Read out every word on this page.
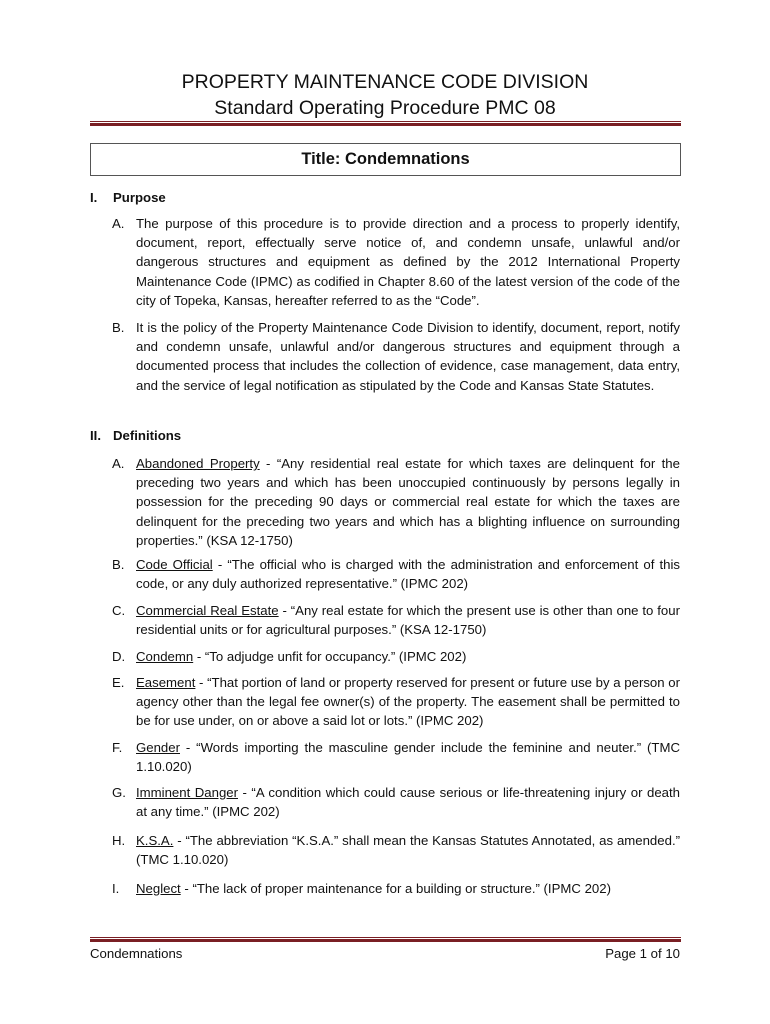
PROPERTY MAINTENANCE CODE DIVISION
Standard Operating Procedure PMC 08
Title: Condemnations
I. Purpose
A. The purpose of this procedure is to provide direction and a process to properly identify, document, report, effectually serve notice of, and condemn unsafe, unlawful and/or dangerous structures and equipment as defined by the 2012 International Property Maintenance Code (IPMC) as codified in Chapter 8.60 of the latest version of the code of the city of Topeka, Kansas, hereafter referred to as the “Code”.
B. It is the policy of the Property Maintenance Code Division to identify, document, report, notify and condemn unsafe, unlawful and/or dangerous structures and equipment through a documented process that includes the collection of evidence, case management, data entry, and the service of legal notification as stipulated by the Code and Kansas State Statutes.
II. Definitions
A. Abandoned Property - “Any residential real estate for which taxes are delinquent for the preceding two years and which has been unoccupied continuously by persons legally in possession for the preceding 90 days or commercial real estate for which the taxes are delinquent for the preceding two years and which has a blighting influence on surrounding properties.” (KSA 12-1750)
B. Code Official - “The official who is charged with the administration and enforcement of this code, or any duly authorized representative.” (IPMC 202)
C. Commercial Real Estate - “Any real estate for which the present use is other than one to four residential units or for agricultural purposes.” (KSA 12-1750)
D. Condemn - “To adjudge unfit for occupancy.” (IPMC 202)
E. Easement - “That portion of land or property reserved for present or future use by a person or agency other than the legal fee owner(s) of the property. The easement shall be permitted to be for use under, on or above a said lot or lots.” (IPMC 202)
F. Gender - “Words importing the masculine gender include the feminine and neuter.” (TMC 1.10.020)
G. Imminent Danger - “A condition which could cause serious or life-threatening injury or death at any time.” (IPMC 202)
H. K.S.A. - “The abbreviation “K.S.A.” shall mean the Kansas Statutes Annotated, as amended.” (TMC 1.10.020)
I. Neglect - “The lack of proper maintenance for a building or structure.” (IPMC 202)
Condemnations	Page 1 of 10
